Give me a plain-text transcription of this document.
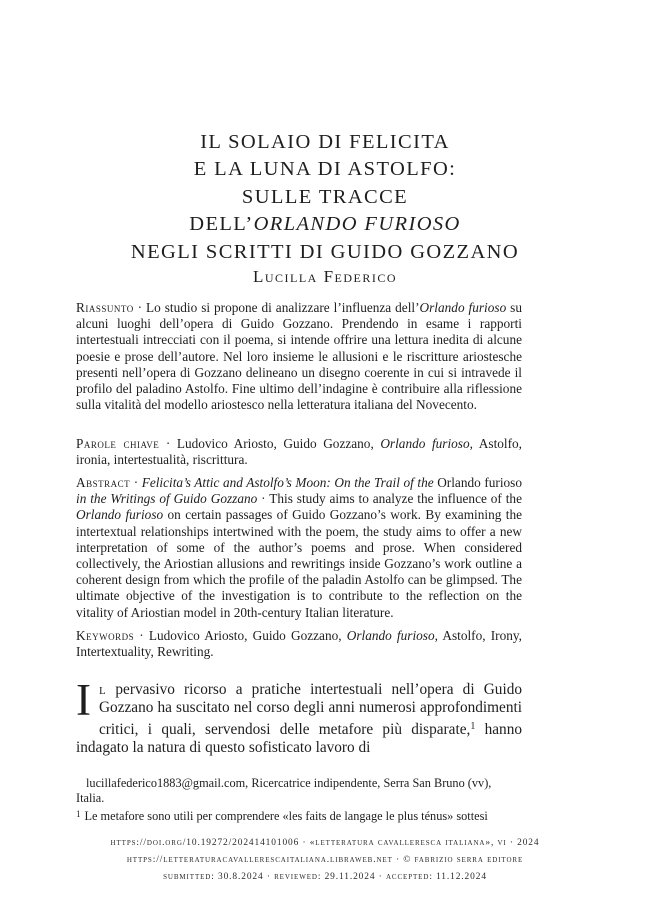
IL SOLAIO DI FELICITA
E LA LUNA DI ASTOLFO:
SULLE TRACCE
DELL’ORLANDO FURIOSO
NEGLI SCRITTI DI GUIDO GOZZANO

Lucilla Federico

Riassunto · Lo studio si propone di analizzare l’influenza dell’Orlando furioso su alcuni luoghi dell’opera di Guido Gozzano. Prendendo in esame i rapporti intertestuali intrecciati con il poema, si intende offrire una lettura inedita di alcune poesie e prose dell’autore. Nel loro insieme le allusioni e le riscritture ariostesche presenti nell’opera di Gozzano delineano un disegno coerente in cui si intravede il profilo del paladino Astolfo. Fine ultimo dell’indagine è contribuire alla riflessione sulla vitalità del modello ariostesco nella letteratura italiana del Novecento.

Parole chiave · Ludovico Ariosto, Guido Gozzano, Orlando furioso, Astolfo, ironia, intertestualità, riscrittura.

Abstract · Felicita’s Attic and Astolfo’s Moon: On the Trail of the Orlando furioso in the Writings of Guido Gozzano · This study aims to analyze the influence of the Orlando furioso on certain passages of Guido Gozzano’s work. By examining the intertextual relationships intertwined with the poem, the study aims to offer a new interpretation of some of the author’s poems and prose. When considered collectively, the Ariostian allusions and rewritings inside Gozzano’s work outline a coherent design from which the profile of the paladin Astolfo can be glimpsed. The ultimate objective of the investigation is to contribute to the reflection on the vitality of Ariostian model in 20th-century Italian literature.

Keywords · Ludovico Ariosto, Guido Gozzano, Orlando furioso, Astolfo, Irony, Intertextuality, Rewriting.

Il pervasivo ricorso a pratiche intertestuali nell’opera di Guido Gozzano ha suscitato nel corso degli anni numerosi approfondimenti critici, i quali, servendosi delle metafore più disparate,$^1$ hanno indagato la natura di questo sofisticato lavoro di

lucillafederico1883@gmail.com, Ricercatrice indipendente, Serra San Bruno (vv), Italia.

$^1$ Le metafore sono utili per comprendere «les faits de langage le plus ténus» sottesi

https://doi.org/10.19272/202414101006 · «letteratura cavalleresca italiana», vi · 2024

https://letteraturacavallerescaitaliana.libraweb.net · © fabrizio serra editore

submitted: 30.8.2024 · reviewed: 29.11.2024 · accepted: 11.12.2024
